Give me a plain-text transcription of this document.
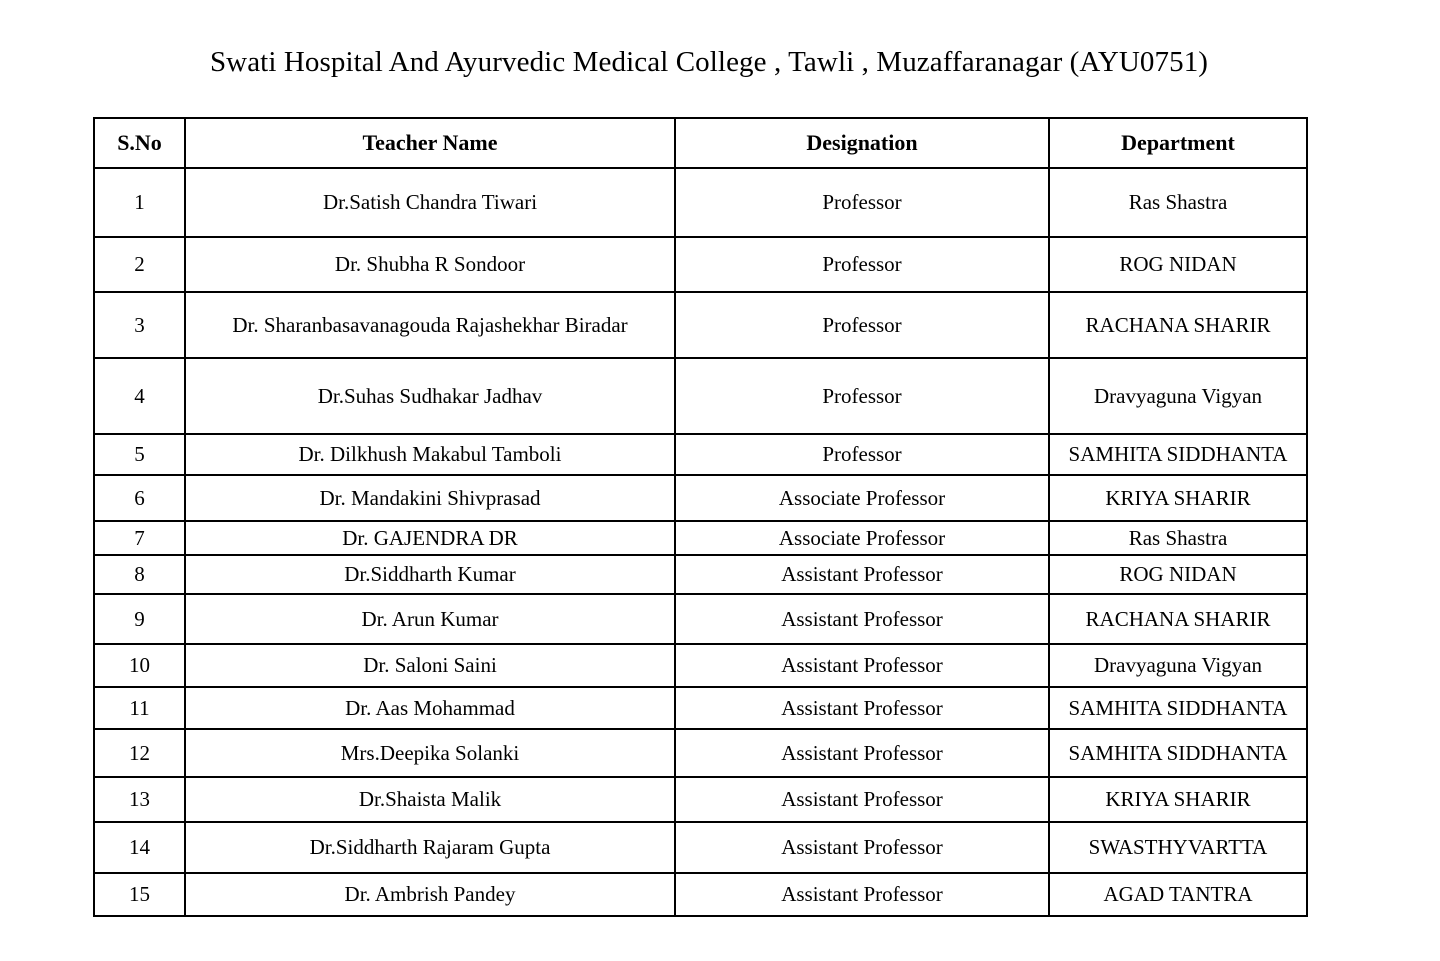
Swati Hospital And Ayurvedic Medical College , Tawli , Muzaffaranagar (AYU0751)
S.No	Teacher Name	Designation	Department
1	Dr.Satish Chandra Tiwari	Professor	Ras Shastra
2	Dr. Shubha R Sondoor	Professor	ROG NIDAN
3	Dr. Sharanbasavanagouda Rajashekhar Biradar	Professor	RACHANA SHARIR
4	Dr.Suhas Sudhakar Jadhav	Professor	Dravyaguna Vigyan
5	Dr. Dilkhush Makabul Tamboli	Professor	SAMHITA SIDDHANTA
6	Dr. Mandakini Shivprasad	Associate Professor	KRIYA SHARIR
7	Dr. GAJENDRA DR	Associate Professor	Ras Shastra
8	Dr.Siddharth Kumar	Assistant Professor	ROG NIDAN
9	Dr. Arun Kumar	Assistant Professor	RACHANA SHARIR
10	Dr. Saloni Saini	Assistant Professor	Dravyaguna Vigyan
11	Dr. Aas Mohammad	Assistant Professor	SAMHITA SIDDHANTA
12	Mrs.Deepika Solanki	Assistant Professor	SAMHITA SIDDHANTA
13	Dr.Shaista Malik	Assistant Professor	KRIYA SHARIR
14	Dr.Siddharth Rajaram Gupta	Assistant Professor	SWASTHYVARTTA
15	Dr. Ambrish Pandey	Assistant Professor	AGAD TANTRA
